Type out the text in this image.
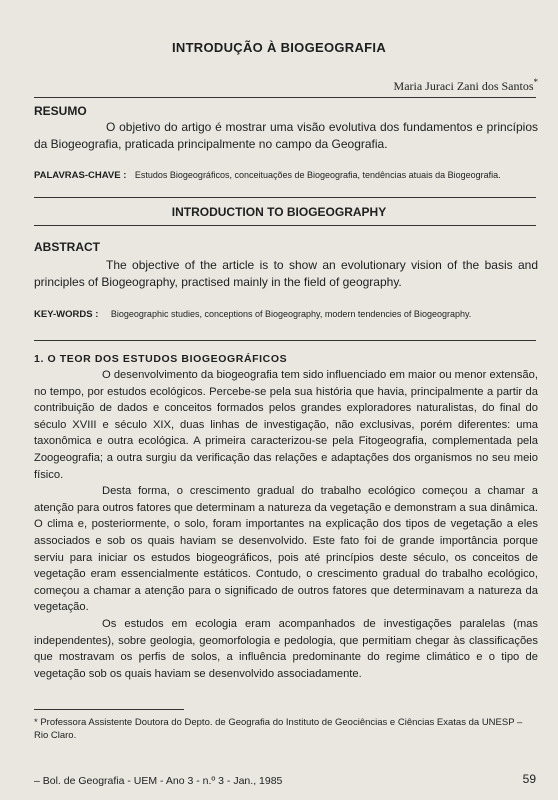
INTRODUÇÃO À BIOGEOGRAFIA
Maria Juraci Zani dos Santos*
RESUMO
O objetivo do artigo é mostrar uma visão evolutiva dos fundamentos e princípios da Biogeografia, praticada principalmente no campo da Geografia.
PALAVRAS-CHAVE : Estudos Biogeográficos, conceituações de Biogeografia, tendências atuais da Biogeografia.
INTRODUCTION TO BIOGEOGRAPHY
ABSTRACT
The objective of the article is to show an evolutionary vision of the basis and principles of Biogeography, practised mainly in the field of geography.
KEY-WORDS : Biogeographic studies, conceptions of Biogeography, modern tendencies of Biogeography.
1. O TEOR DOS ESTUDOS BIOGEOGRÁFICOS

O desenvolvimento da biogeografia tem sido influenciado em maior ou menor extensão, no tempo, por estudos ecológicos. Percebe-se pela sua história que havia, principalmente a partir da contribuição de dados e conceitos formados pelos grandes exploradores naturalistas, do final do século XVIII e século XIX, duas linhas de investigação, não exclusivas, porém diferentes: uma taxonômica e outra ecológica. A primeira caracterizou-se pela Fitogeografia, complementada pela Zoogeografia; a outra surgiu da verificação das relações e adaptações dos organismos no seu meio físico.

Desta forma, o crescimento gradual do trabalho ecológico começou a chamar a atenção para outros fatores que determinam a natureza da vegetação e demonstram a sua dinâmica. O clima e, posteriormente, o solo, foram importantes na explicação dos tipos de vegetação a eles associados e sob os quais haviam se desenvolvido. Este fato foi de grande importância porque serviu para iniciar os estudos biogeográficos, pois até princípios deste século, os conceitos de vegetação eram essencialmente estáticos. Contudo, o crescimento gradual do trabalho ecológico, começou a chamar a atenção para o significado de outros fatores que determinavam a natureza da vegetação.

Os estudos em ecologia eram acompanhados de investigações paralelas (mas independentes), sobre geologia, geomorfologia e pedologia, que permitiam chegar às classificações que mostravam os perfis de solos, a influência predominante do regime climático e o tipo de vegetação sob os quais haviam se desenvolvido associadamente.

* Professora Assistente Doutora do Depto. de Geografia do Instituto de Geociências e Ciências Exatas da UNESP – Rio Claro.
– Bol. de Geografia - UEM - Ano 3 - n.º 3 - Jan., 1985	59
